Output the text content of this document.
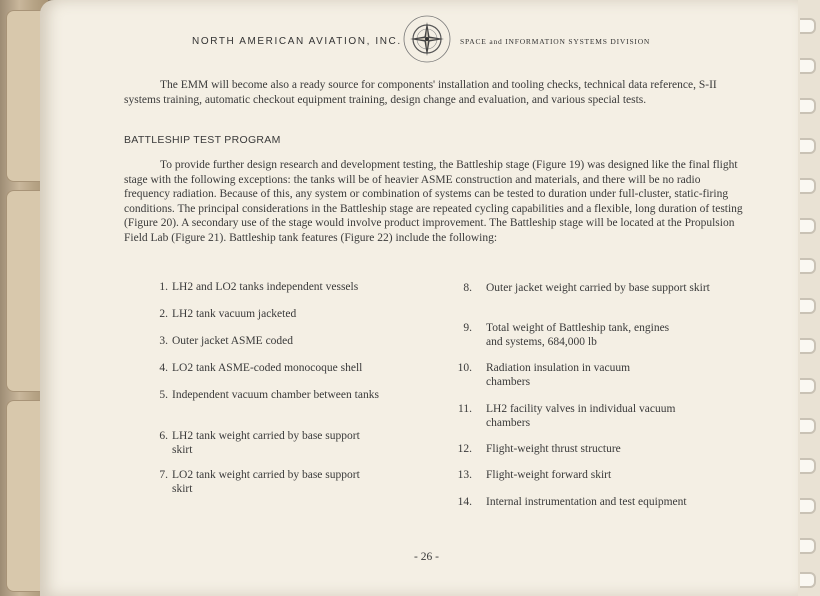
NORTH AMERICAN AVIATION, INC.	SPACE and INFORMATION SYSTEMS DIVISION

The EMM will become also a ready source for components' installation and tooling checks, technical data reference, S-II systems training, automatic checkout equipment training, design change and evaluation, and various special tests.

BATTLESHIP TEST PROGRAM

To provide further design research and development testing, the Battleship stage (Figure 19) was designed like the final flight stage with the following exceptions: the tanks will be of heavier ASME construction and materials, and there will be no radio frequency radiation. Because of this, any system or combination of systems can be tested to duration under full-cluster, static-firing conditions. The principal considerations in the Battleship stage are repeated cycling capabilities and a flexible, long duration of testing (Figure 20). A secondary use of the stage would involve product improvement. The Battleship stage will be located at the Propulsion Field Lab (Figure 21). Battleship tank features (Figure 22) include the following:

1. LH2 and LO2 tanks independent vessels
2. LH2 tank vacuum jacketed
3. Outer jacket ASME coded
4. LO2 tank ASME-coded monocoque shell
5. Independent vacuum chamber between tanks
6. LH2 tank weight carried by base support skirt
7. LO2 tank weight carried by base support skirt
8. Outer jacket weight carried by base support skirt
9. Total weight of Battleship tank, engines and systems, 684,000 lb
10. Radiation insulation in vacuum chambers
11. LH2 facility valves in individual vacuum chambers
12. Flight-weight thrust structure
13. Flight-weight forward skirt
14. Internal instrumentation and test equipment
- 26 -
